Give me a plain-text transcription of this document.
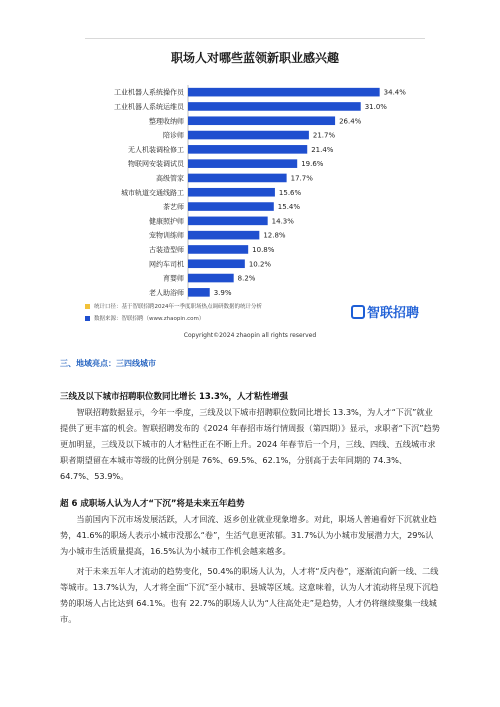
职场人对哪些蓝领新职业感兴趣
工业机器人系统操作员	34.4%
工业机器人系统运维员	31.0%
整理收纳师	26.4%
陪诊师	21.7%
无人机装调检修工	21.4%
物联网安装调试员	19.6%
高级管家	17.7%
城市轨道交通线路工	15.6%
茶艺师	15.4%
健康照护师	14.3%
宠物训练师	12.8%
古装造型师	10.8%
网约车司机	10.2%
育婴师	8.2%
老人助浴师	3.9%
统计口径：基于智联招聘2024年一季度职场热点调研数据的统计分析
数据来源：智联招聘（www.zhaopin.com）	智联招聘
Copyright©2024 zhaopin all rights reserved
三、地域亮点：三四线城市
三线及以下城市招聘职位数同比增长 13.3%，人才粘性增强

智联招聘数据显示，今年一季度，三线及以下城市招聘职位数同比增长 13.3%，为人才“下沉”就业提供了更丰富的机会。智联招聘发布的《2024 年春招市场行情周报（第四期）》显示，求职者“下沉”趋势更加明显，三线及以下城市的人才粘性正在不断上升。2024 年春节后一个月，三线、四线、五线城市求职者期望留在本城市等级的比例分别是 76%、69.5%、62.1%，分别高于去年同期的 74.3%、64.7%、53.9%。

超 6 成职场人认为人才“下沉”将是未来五年趋势

当前国内下沉市场发展活跃，人才回流、返乡创业就业现象增多。对此，职场人普遍看好下沉就业趋势，41.6%的职场人表示小城市没那么“卷”，生活气息更浓郁。31.7%认为小城市发展潜力大，29%认为小城市生活质量提高，16.5%认为小城市工作机会越来越多。

对于未来五年人才流动的趋势变化，50.4%的职场人认为，人才将“反内卷”，逐渐流向新一线、二线等城市。13.7%认为，人才将全面“下沉”至小城市、县城等区域。这意味着，认为人才流动将呈现下沉趋势的职场人占比达到 64.1%。也有 22.7%的职场人认为“人往高处走”是趋势，人才仍将继续聚集一线城市。
